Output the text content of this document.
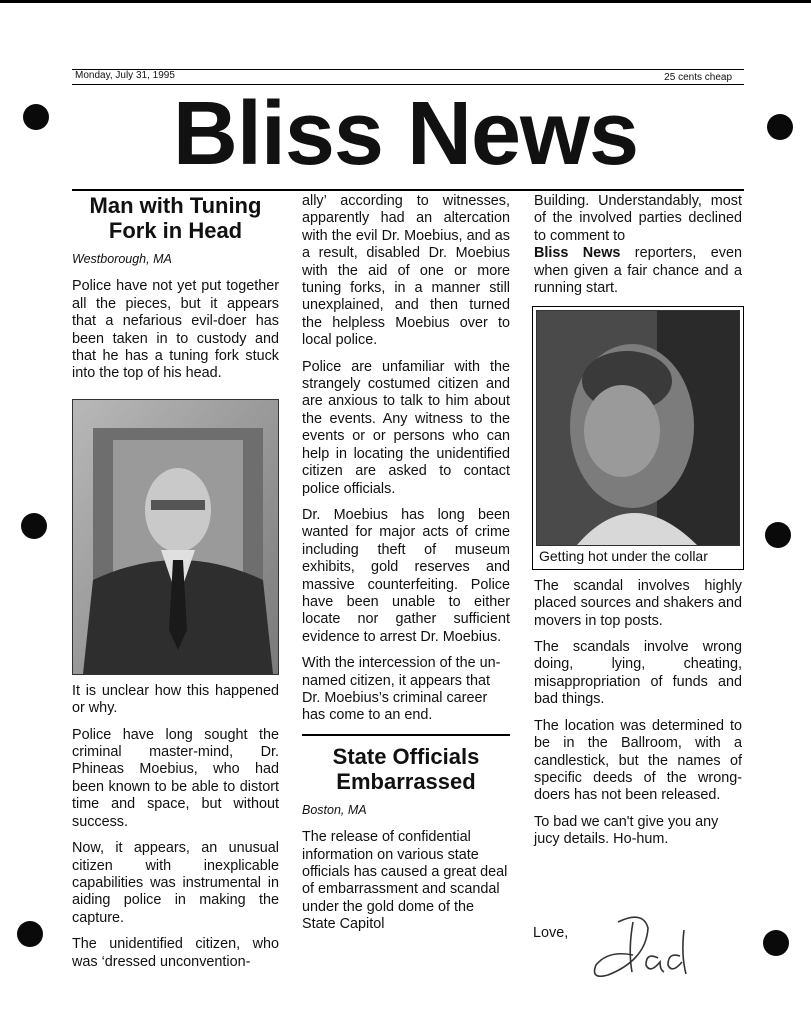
Monday, July 31, 1995	25 cents cheap
Bliss News
Man with Tuning Fork in Head
Westborough, MA

Police have not yet put together all the pieces, but it appears that a nefarious evil-doer has been taken in to custody and that he has a tuning fork stuck into the top of his head.

It is unclear how this happened or why.

Police have long sought the criminal master-mind, Dr. Phineas Moebius, who had been known to be able to distort time and space, but without success.

Now, it appears, an unusual citizen with inexplicable capabilities was instrumental in aiding police in making the capture.

The unidentified citizen, who was ‘dressed unconvention-

ally’ according to witnesses, apparently had an altercation with the evil Dr. Moebius, and as a result, disabled Dr. Moebius with the aid of one or more tuning forks, in a manner still unexplained, and then turned the helpless Moebius over to local police.

Police are unfamiliar with the strangely costumed citizen and are anxious to talk to him about the events. Any witness to the events or or persons who can help in locating the unidentified citizen are asked to contact police officials.

Dr. Moebius has long been wanted for major acts of crime including theft of museum exhibits, gold reserves and massive counterfeiting. Police have been unable to either locate nor gather sufficient evidence to arrest Dr. Moebius.

With the intercession of the un-named citizen, it appears that Dr. Moebius’s criminal career has come to an end.

State Officials Embarrassed
Boston, MA

The release of confidential information on various state officials has caused a great deal of embarrassment and scandal under the gold dome of the State Capitol

Building. Understandably, most of the involved parties declined to comment to

Bliss News reporters, even when given a fair chance and a running start.

Getting hot under the collar

The scandal involves highly placed sources and shakers and movers in top posts.

The scandals involve wrong doing, lying, cheating, misappropriation of funds and bad things.

The location was determined to be in the Ballroom, with a candlestick, but the names of specific deeds of the wrong-doers has not been released.

To bad we can't give you any jucy details. Ho-hum.

Love,
